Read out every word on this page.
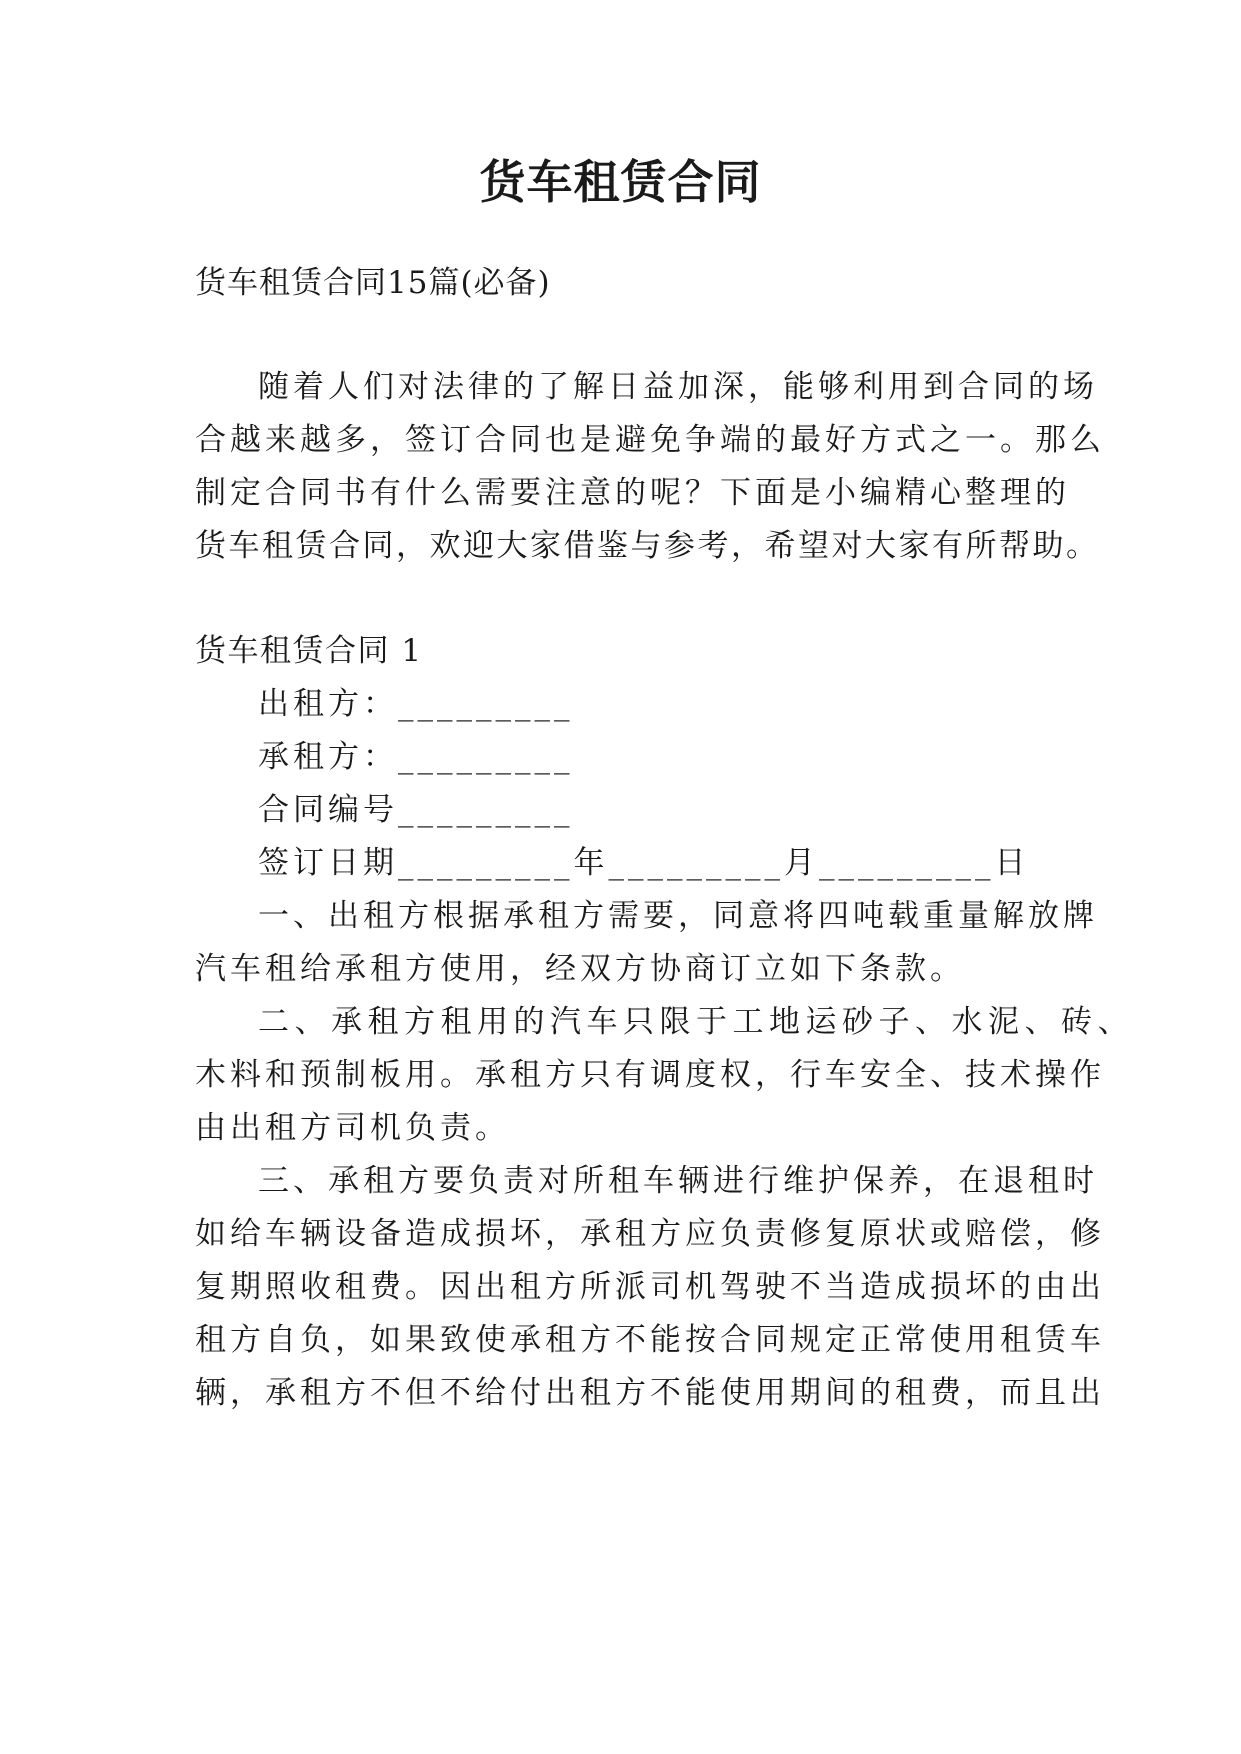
货车租赁合同
货车租赁合同15篇(必备)
随着人们对法律的了解日益加深，能够利用到合同的场
合越来越多，签订合同也是避免争端的最好方式之一。那么
制定合同书有什么需要注意的呢？下面是小编精心整理的
货车租赁合同，欢迎大家借鉴与参考，希望对大家有所帮助。
货车租赁合同 1
出租方：_________
承租方：_________
合同编号_________
签订日期_________年_________月_________日
一、出租方根据承租方需要，同意将四吨载重量解放牌
汽车租给承租方使用，经双方协商订立如下条款。
二、承租方租用的汽车只限于工地运砂子、水泥、砖、
木料和预制板用。承租方只有调度权，行车安全、技术操作
由出租方司机负责。
三、承租方要负责对所租车辆进行维护保养，在退租时
如给车辆设备造成损坏，承租方应负责修复原状或赔偿，修
复期照收租费。因出租方所派司机驾驶不当造成损坏的由出
租方自负，如果致使承租方不能按合同规定正常使用租赁车
辆，承租方不但不给付出租方不能使用期间的租费，而且出
